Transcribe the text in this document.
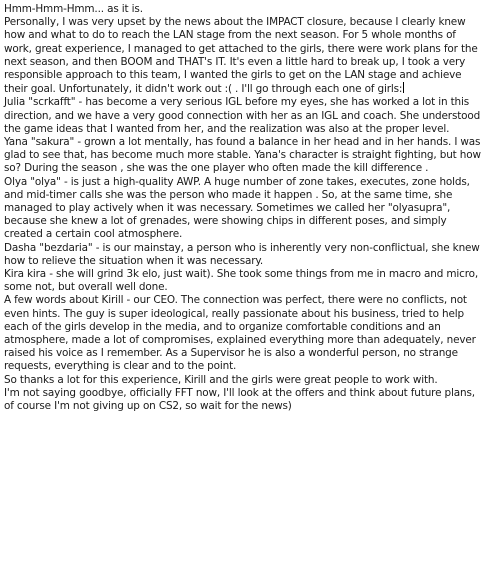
Hmm-Hmm-Hmm... as it is.

Personally, I was very upset by the news about the IMPACT closure, because I clearly knew how and what to do to reach the LAN stage from the next season. For 5 whole months of work, great experience, I managed to get attached to the girls, there were work plans for the next season, and then BOOM and THAT's IT. It's even a little hard to break up, I took a very responsible approach to this team, I wanted the girls to get on the LAN stage and achieve their goal. Unfortunately, it didn't work out :( . I'll go through each one of girls:

Julia "scrkafft" - has become a very serious IGL before my eyes, she has worked a lot in this direction, and we have a very good connection with her as an IGL and coach. She understood the game ideas that I wanted from her, and the realization was also at the proper level.

Yana "sakura" - grown a lot mentally, has found a balance in her head and in her hands. I was glad to see that, has become much more stable. Yana's character is straight fighting, but how so? During the season , she was the one player who often made the kill difference .

Olya "olya" - is just a high-quality AWP. A huge number of zone takes, executes, zone holds, and mid-timer calls she was the person who made it happen . So, at the same time, she managed to play actively when it was necessary. Sometimes we called her "olyasupra", because she knew a lot of grenades, were showing chips in different poses, and simply created a certain cool atmosphere.

Dasha "bezdaria" - is our mainstay, a person who is inherently very non-conflictual, she knew how to relieve the situation when it was necessary.

Kira kira - she will grind 3k elo, just wait). She took some things from me in macro and micro, some not, but overall well done.

A few words about Kirill - our CEO. The connection was perfect, there were no conflicts, not even hints. The guy is super ideological, really passionate about his business, tried to help each of the girls develop in the media, and to organize comfortable conditions and an atmosphere, made a lot of compromises, explained everything more than adequately, never raised his voice as I remember. As a Supervisor he is also a wonderful person, no strange requests, everything is clear and to the point.

So thanks a lot for this experience, Kirill and the girls were great people to work with.

I'm not saying goodbye, officially FFT now, I'll look at the offers and think about future plans, of course I'm not giving up on CS2, so wait for the news)
